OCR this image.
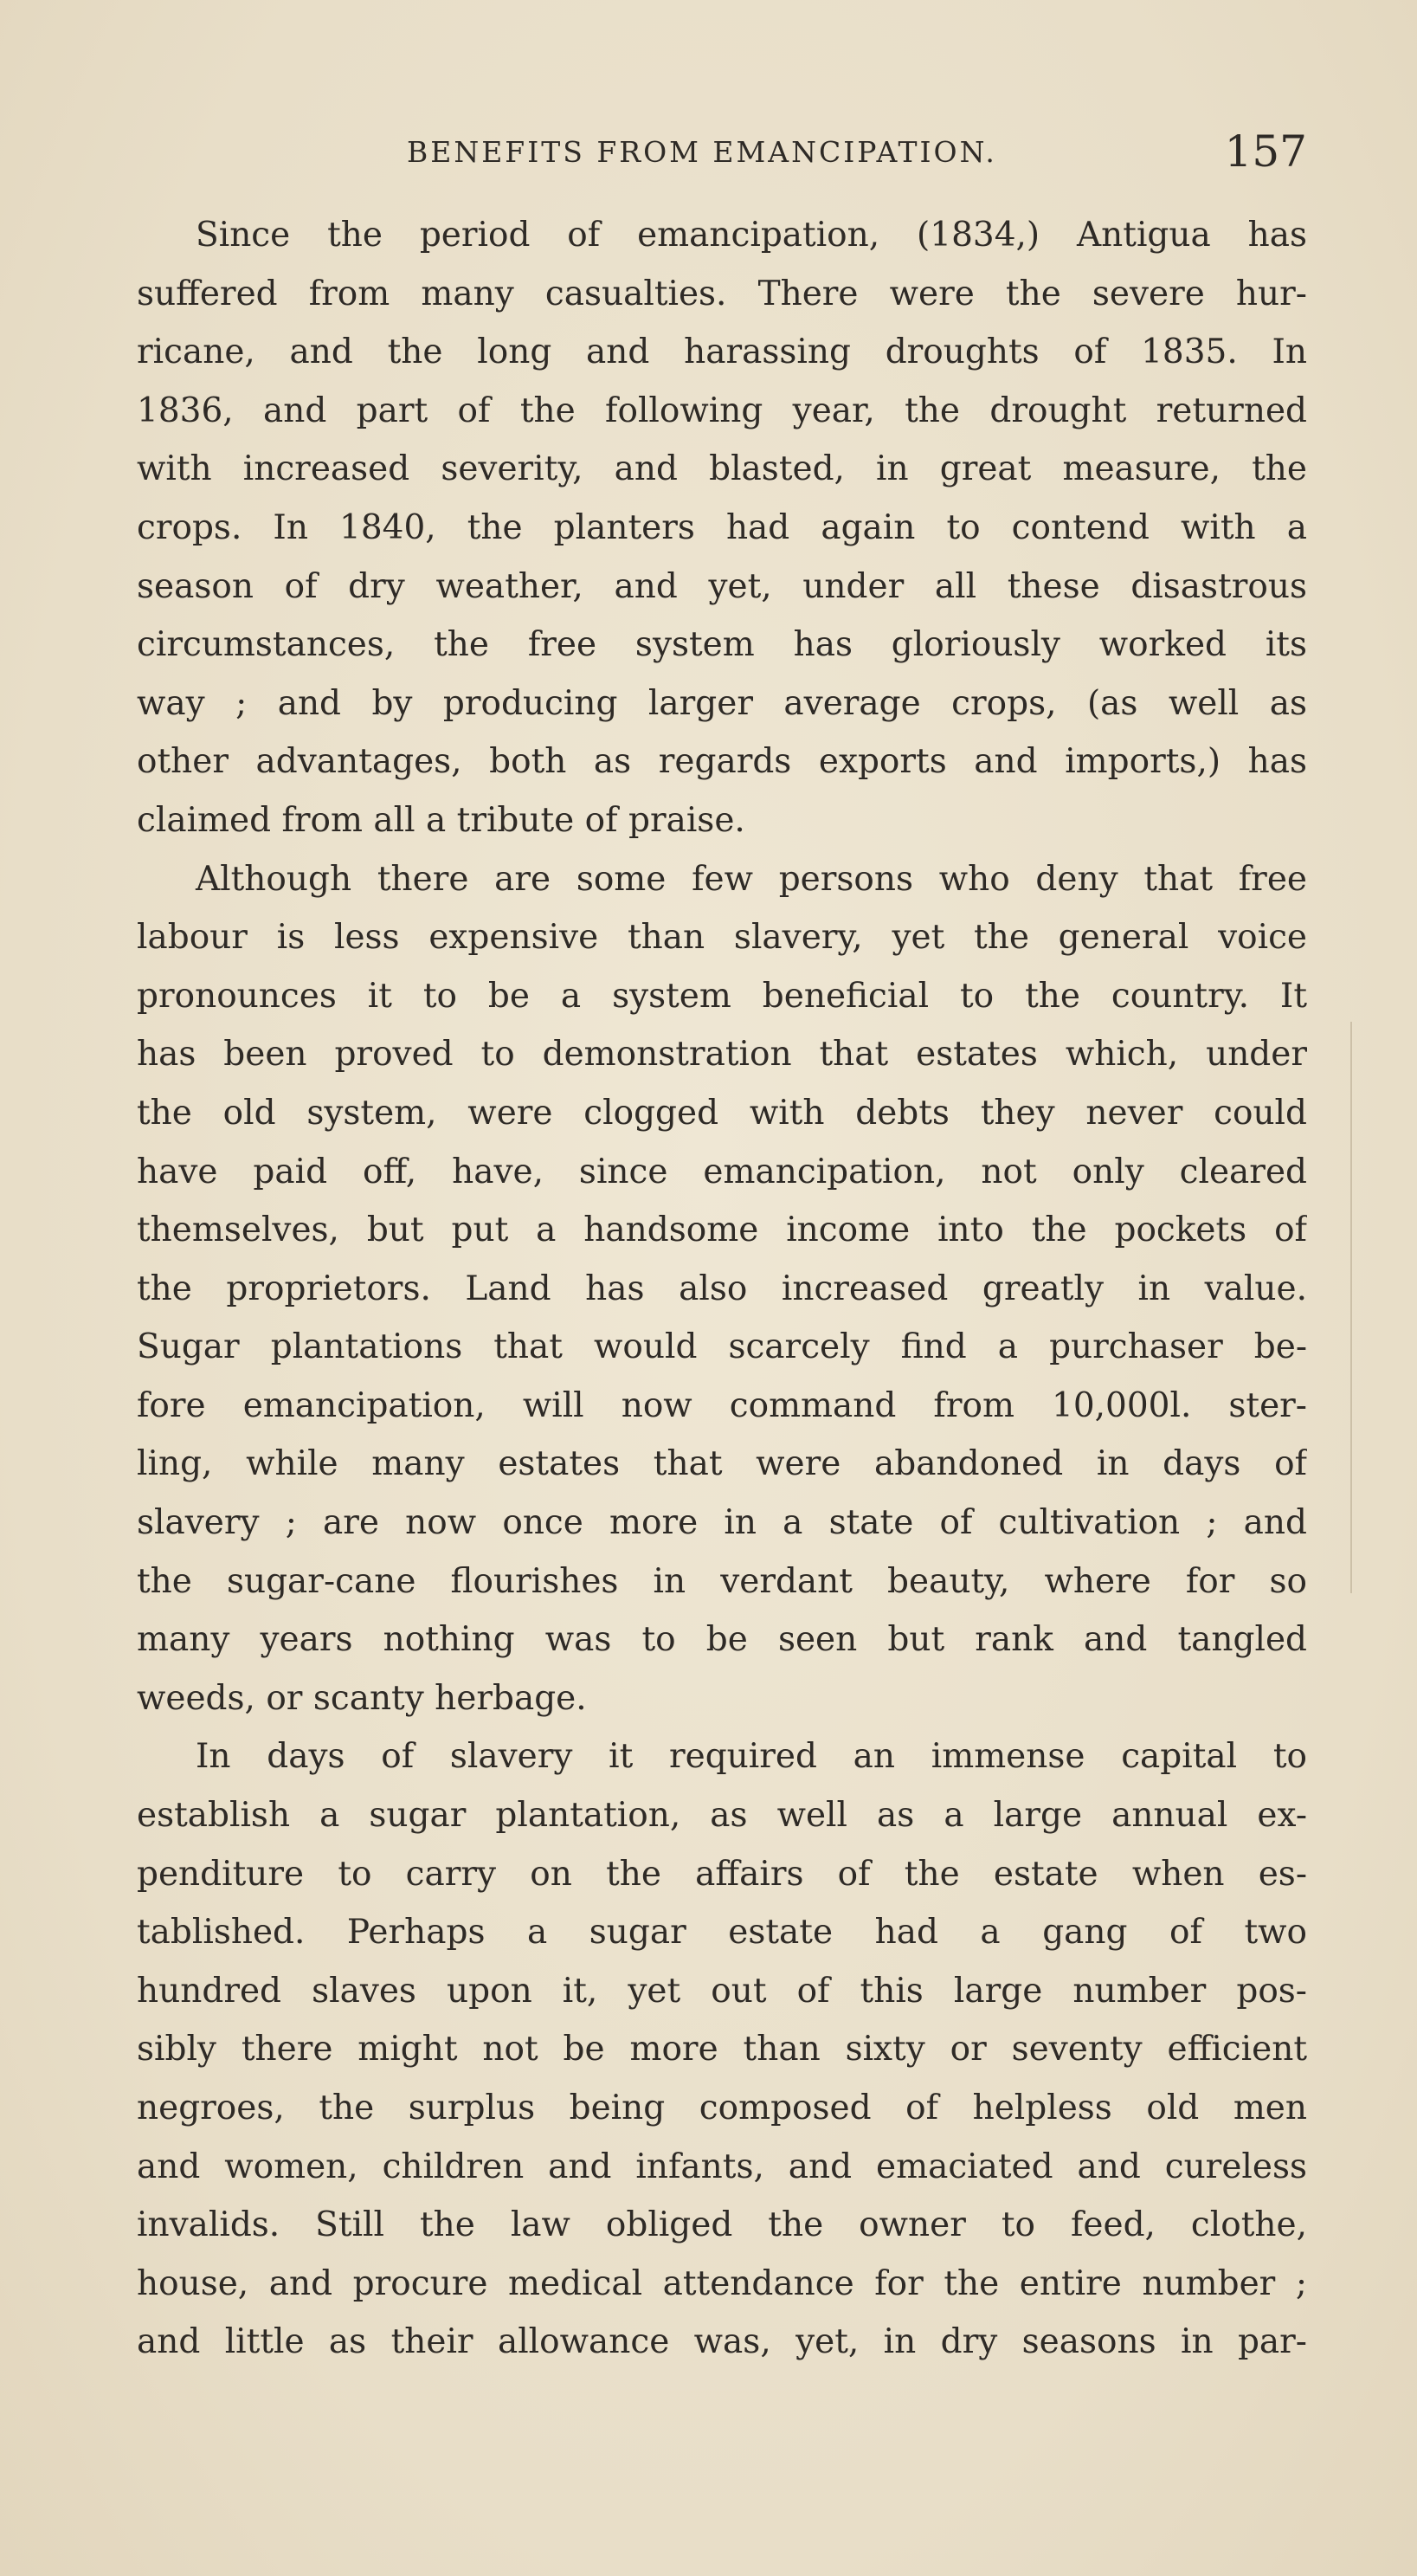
BENEFITS FROM EMANCIPATION.	157
Since the period of emancipation, (1834,) Antigua has
suffered from many casualties. There were the severe hur-
ricane, and the long and harassing droughts of 1835. In
1836, and part of the following year, the drought returned
with increased severity, and blasted, in great measure, the
crops. In 1840, the planters had again to contend with a
season of dry weather, and yet, under all these disastrous
circumstances, the free system has gloriously worked its
way ; and by producing larger average crops, (as well as
other advantages, both as regards exports and imports,) has
claimed from all a tribute of praise.
Although there are some few persons who deny that free
labour is less expensive than slavery, yet the general voice
pronounces it to be a system beneficial to the country. It
has been proved to demonstration that estates which, under
the old system, were clogged with debts they never could
have paid off, have, since emancipation, not only cleared
themselves, but put a handsome income into the pockets of
the proprietors. Land has also increased greatly in value.
Sugar plantations that would scarcely find a purchaser be-
fore emancipation, will now command from 10,000l. ster-
ling, while many estates that were abandoned in days of
slavery ; are now once more in a state of cultivation ; and
the sugar-cane flourishes in verdant beauty, where for so
many years nothing was to be seen but rank and tangled
weeds, or scanty herbage.
In days of slavery it required an immense capital to
establish a sugar plantation, as well as a large annual ex-
penditure to carry on the affairs of the estate when es-
tablished. Perhaps a sugar estate had a gang of two
hundred slaves upon it, yet out of this large number pos-
sibly there might not be more than sixty or seventy efficient
negroes, the surplus being composed of helpless old men
and women, children and infants, and emaciated and cureless
invalids. Still the law obliged the owner to feed, clothe,
house, and procure medical attendance for the entire number ;
and little as their allowance was, yet, in dry seasons in par-
